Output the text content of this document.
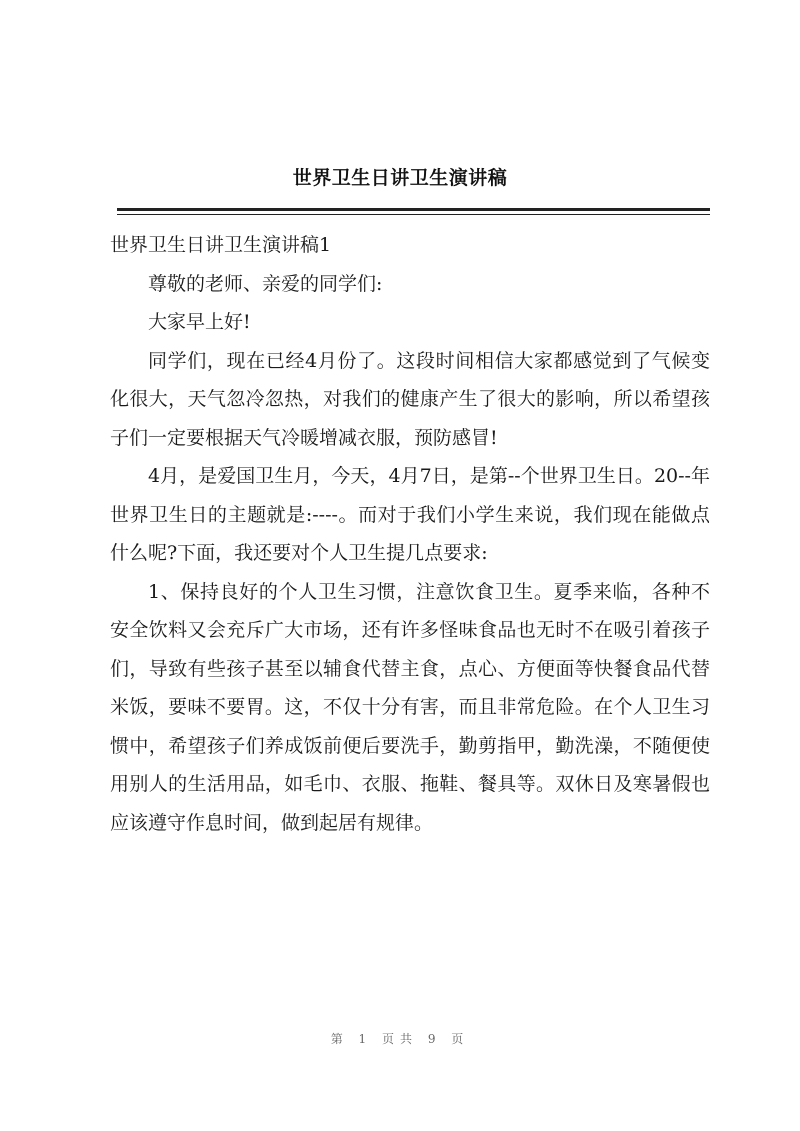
世界卫生日讲卫生演讲稿

世界卫生日讲卫生演讲稿1

尊敬的老师、亲爱的同学们:

大家早上好!

同学们，现在已经4月份了。这段时间相信大家都感觉到了气候变化很大，天气忽冷忽热，对我们的健康产生了很大的影响，所以希望孩子们一定要根据天气冷暖增减衣服，预防感冒!

4月，是爱国卫生月，今天，4月7日，是第--个世界卫生日。20--年世界卫生日的主题就是:----。而对于我们小学生来说，我们现在能做点什么呢?下面，我还要对个人卫生提几点要求:

1、保持良好的个人卫生习惯，注意饮食卫生。夏季来临，各种不安全饮料又会充斥广大市场，还有许多怪味食品也无时不在吸引着孩子们，导致有些孩子甚至以辅食代替主食，点心、方便面等快餐食品代替米饭，要味不要胃。这，不仅十分有害，而且非常危险。在个人卫生习惯中，希望孩子们养成饭前便后要洗手，勤剪指甲，勤洗澡，不随便使用别人的生活用品，如毛巾、衣服、拖鞋、餐具等。双休日及寒暑假也应该遵守作息时间，做到起居有规律。

第 1 页共 9 页
